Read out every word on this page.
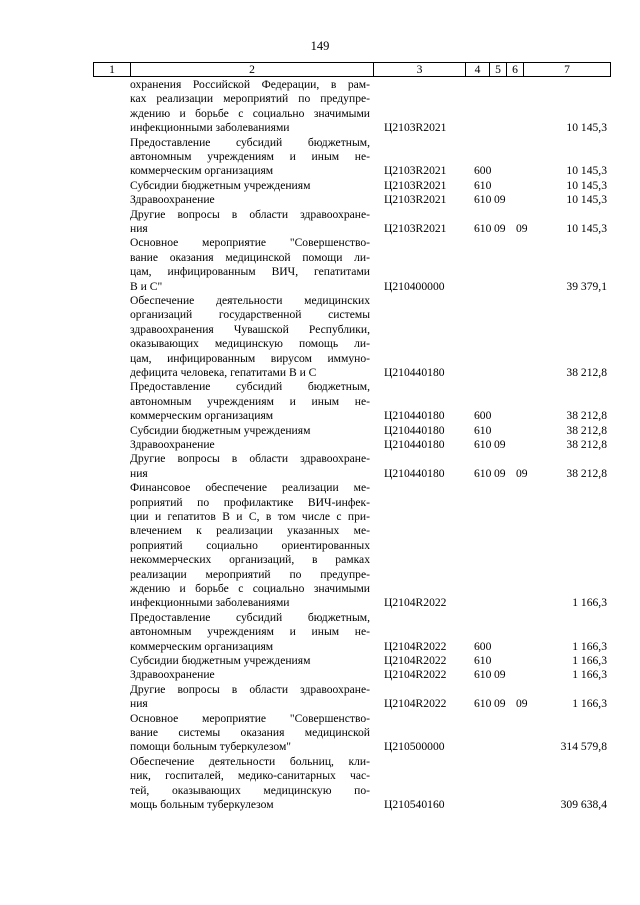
149
1	2	3	4	5 6	7
охранения Российской Федерации, в рам-
ках реализации мероприятий по предупре-
ждению и борьбе с социально значимыми
инфекционными заболеваниями	Ц2103R2021	10 145,3
Предоставление субсидий бюджетным,
автономным учреждениям и иным не-
коммерческим организациям	Ц2103R2021 600	10 145,3
Субсидии бюджетным учреждениям	Ц2103R2021 610	10 145,3
Здравоохранение	Ц2103R2021 610 09	10 145,3
Другие вопросы в области здравоохране-
ния	Ц2103R2021 610 09 09	10 145,3
Основное мероприятие "Совершенство-
вание оказания медицинской помощи ли-
цам, инфицированным ВИЧ, гепатитами
В и С"	Ц210400000	39 379,1
Обеспечение деятельности медицинских
организаций государственной системы
здравоохранения Чувашской Республики,
оказывающих медицинскую помощь ли-
цам, инфицированным вирусом иммуно-
дефицита человека, гепатитами В и С	Ц210440180	38 212,8
Предоставление субсидий бюджетным,
автономным учреждениям и иным не-
коммерческим организациям	Ц210440180	600	38 212,8
Субсидии бюджетным учреждениям	Ц210440180	610	38 212,8
Здравоохранение	Ц210440180	610 09	38 212,8
Другие вопросы в области здравоохране-
ния	Ц210440180	610 09 09	38 212,8
Финансовое обеспечение реализации ме-
роприятий по профилактике ВИЧ-инфек-
ции и гепатитов В и С, в том числе с при-
влечением к реализации указанных ме-
роприятий социально ориентированных
некоммерческих организаций, в рамках
реализации мероприятий по предупре-
ждению и борьбе с социально значимыми
инфекционными заболеваниями	Ц2104R2022	1 166,3
Предоставление субсидий бюджетным,
автономным учреждениям и иным не-
коммерческим организациям	Ц2104R2022 600	1 166,3
Субсидии бюджетным учреждениям	Ц2104R2022 610	1 166,3
Здравоохранение	Ц2104R2022 610 09	1 166,3
Другие вопросы в области здравоохране-
ния	Ц2104R2022 610 09 09	1 166,3
Основное мероприятие "Совершенство-
вание системы оказания медицинской
помощи больным туберкулезом"	Ц210500000	314 579,8
Обеспечение деятельности больниц, кли-
ник, госпиталей, медико-санитарных час-
тей, оказывающих медицинскую по-
мощь больным туберкулезом	Ц210540160	309 638,4
